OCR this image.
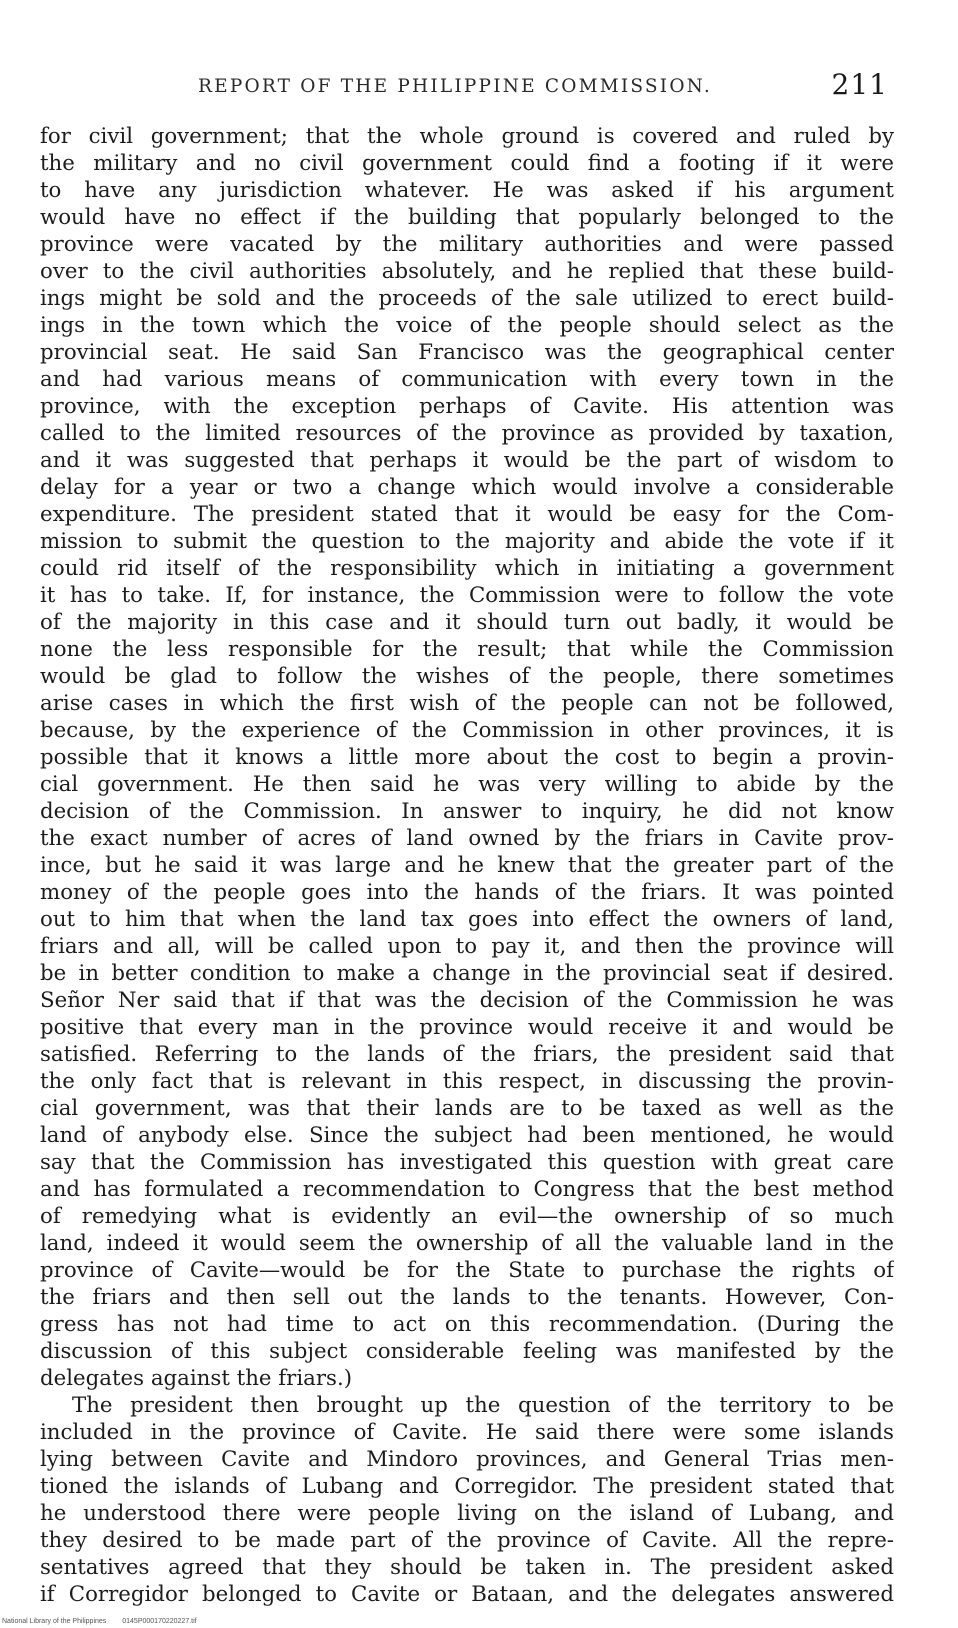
REPORT OF THE PHILIPPINE COMMISSION.	211
for civil government; that the whole ground is covered and ruled by
the military and no civil government could find a footing if it were
to have any jurisdiction whatever. He was asked if his argument
would have no effect if the building that popularly belonged to the
province were vacated by the military authorities and were passed
over to the civil authorities absolutely, and he replied that these build-
ings might be sold and the proceeds of the sale utilized to erect build-
ings in the town which the voice of the people should select as the
provincial seat. He said San Francisco was the geographical center
and had various means of communication with every town in the
province, with the exception perhaps of Cavite. His attention was
called to the limited resources of the province as provided by taxation,
and it was suggested that perhaps it would be the part of wisdom to
delay for a year or two a change which would involve a considerable
expenditure. The president stated that it would be easy for the Com-
mission to submit the question to the majority and abide the vote if it
could rid itself of the responsibility which in initiating a government
it has to take. If, for instance, the Commission were to follow the vote
of the majority in this case and it should turn out badly, it would be
none the less responsible for the result; that while the Commission
would be glad to follow the wishes of the people, there sometimes
arise cases in which the first wish of the people can not be followed,
because, by the experience of the Commission in other provinces, it is
possible that it knows a little more about the cost to begin a provin-
cial government. He then said he was very willing to abide by the
decision of the Commission. In answer to inquiry, he did not know
the exact number of acres of land owned by the friars in Cavite prov-
ince, but he said it was large and he knew that the greater part of the
money of the people goes into the hands of the friars. It was pointed
out to him that when the land tax goes into effect the owners of land,
friars and all, will be called upon to pay it, and then the province will
be in better condition to make a change in the provincial seat if desired.
Señor Ner said that if that was the decision of the Commission he was
positive that every man in the province would receive it and would be
satisfied. Referring to the lands of the friars, the president said that
the only fact that is relevant in this respect, in discussing the provin-
cial government, was that their lands are to be taxed as well as the
land of anybody else. Since the subject had been mentioned, he would
say that the Commission has investigated this question with great care
and has formulated a recommendation to Congress that the best method
of remedying what is evidently an evil—the ownership of so much
land, indeed it would seem the ownership of all the valuable land in the
province of Cavite—would be for the State to purchase the rights of
the friars and then sell out the lands to the tenants. However, Con-
gress has not had time to act on this recommendation. (During the
discussion of this subject considerable feeling was manifested by the
delegates against the friars.)
The president then brought up the question of the territory to be
included in the province of Cavite. He said there were some islands
lying between Cavite and Mindoro provinces, and General Trias men-
tioned the islands of Lubang and Corregidor. The president stated that
he understood there were people living on the island of Lubang, and
they desired to be made part of the province of Cavite. All the repre-
sentatives agreed that they should be taken in. The president asked
if Corregidor belonged to Cavite or Bataan, and the delegates answered
National Library of the Philippines 0145P000170220227.tif
